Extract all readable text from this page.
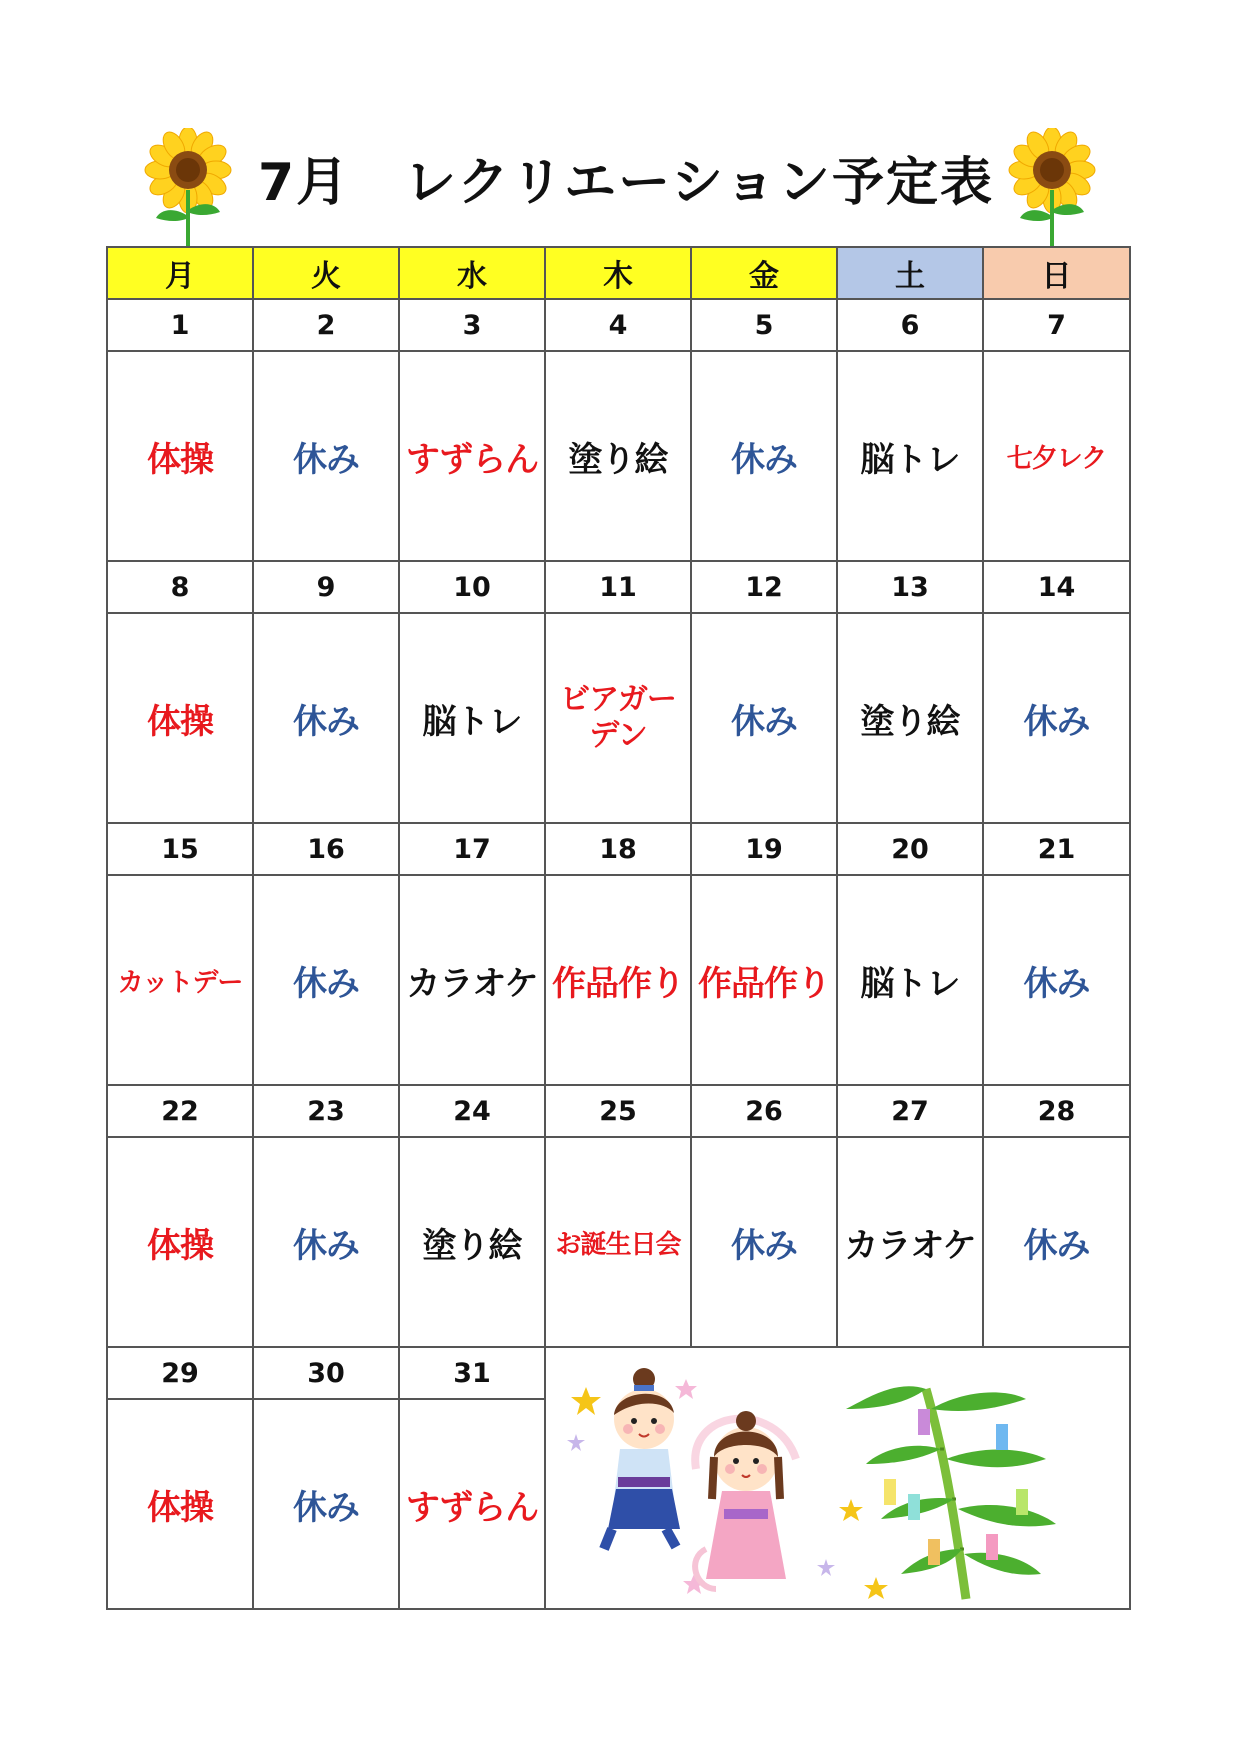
7月　レクリエーション予定表
月	火	水	木	金	土	日
1	2	3	4	5	6	7
体操	休み	すずらん	塗り絵	休み	脳トレ	七夕レク
8	9	10	11	12	13	14
体操	休み	脳トレ	ビアガーデン	休み	塗り絵	休み
15	16	17	18	19	20	21
カットデー	休み	カラオケ	作品作り	作品作り	脳トレ	休み
22	23	24	25	26	27	28
体操	休み	塗り絵	お誕生日会	休み	カラオケ	休み
29	30	31	

体操	休み	すずらん				
